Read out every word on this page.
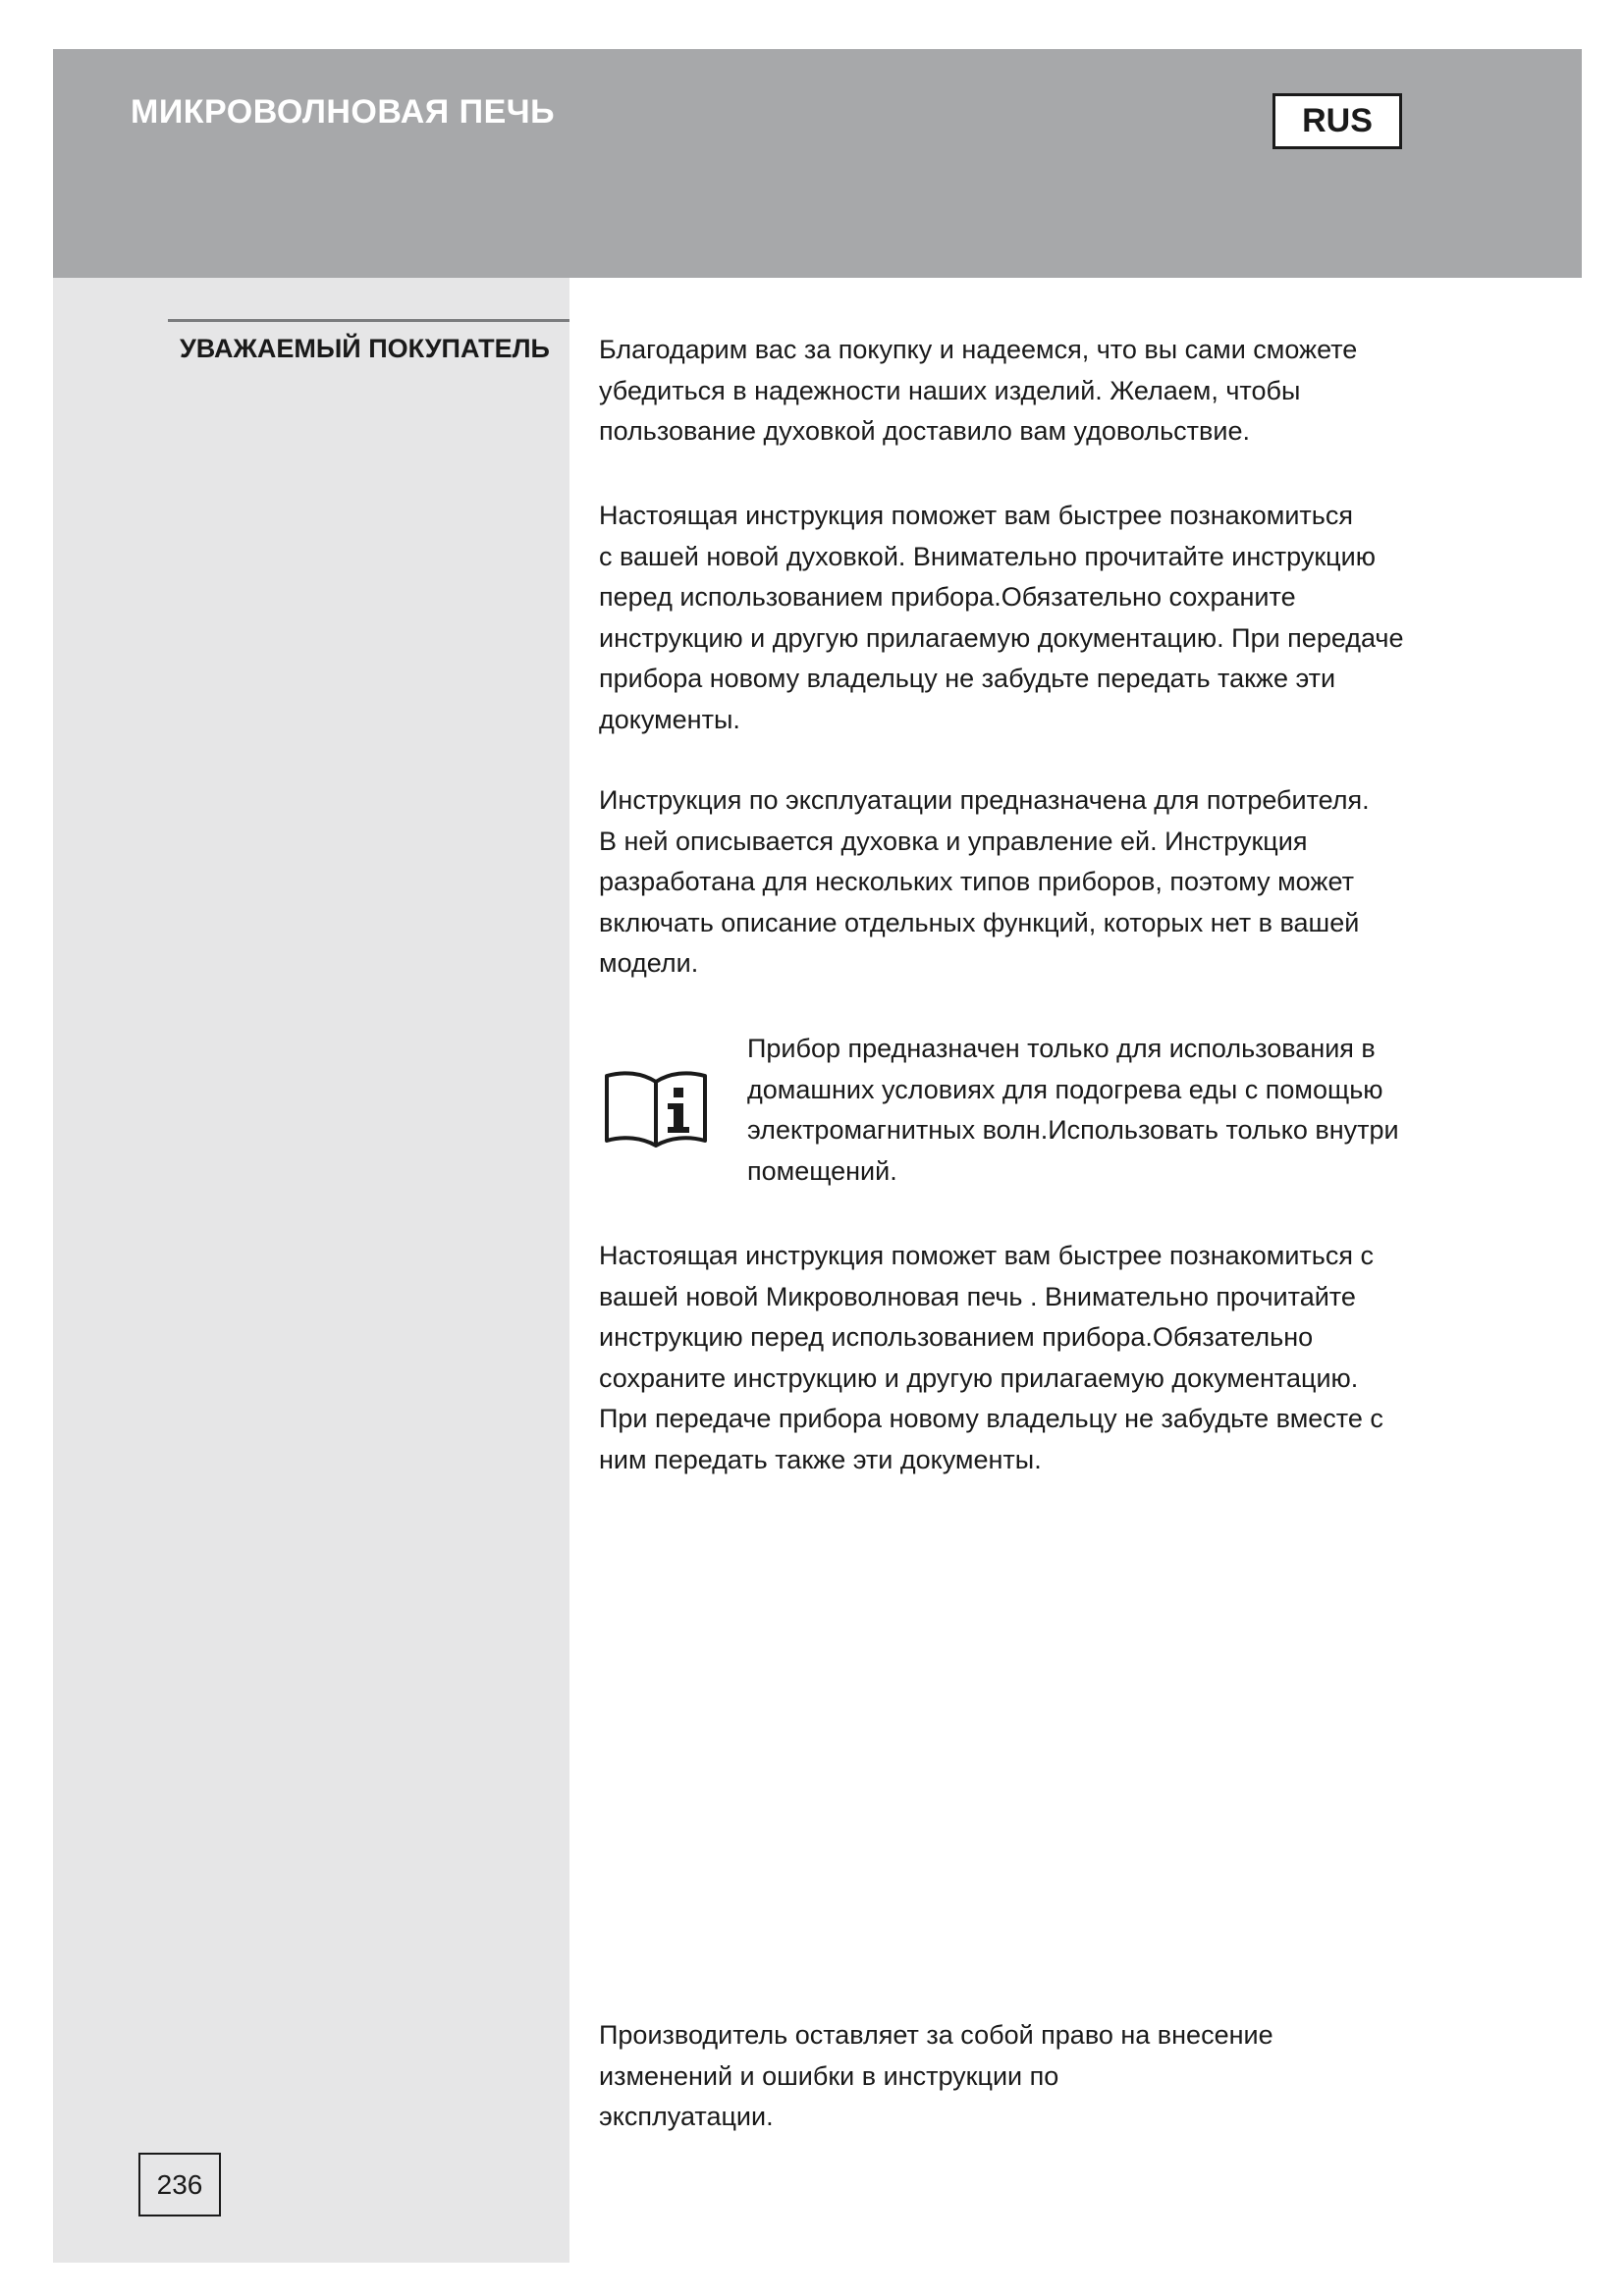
МИКРОВОЛНОВАЯ ПЕЧЬ	RUS
УВАЖАЕМЫЙ ПОКУПАТЕЛЬ Благодарим вас за покупку и надеемся, что вы сами сможете
убедиться в надежности наших изделий. Желаем, чтобы
пользование духовкой доставило вам удовольствие.

Настоящая инструкция поможет вам быстрее познакомиться
с вашей новой духовкой. Внимательно прочитайте инструкцию
перед использованием прибора.Обязательно сохраните
инструкцию и другую прилагаемую документацию. При передаче
прибора новому владельцу не забудьте передать также эти
документы.

Инструкция по эксплуатации предназначена для потребителя.
В ней описывается духовка и управление ей. Инструкция
разработана для нескольких типов приборов, поэтому может
включать описание отдельных функций, которых нет в вашей
модели.

Прибор предназначен только для использования в
домашних условиях для подогрева еды с помощью
электромагнитных волн.Использовать только внутри
помещений.

Настоящая инструкция поможет вам быстрее познакомиться с
вашей новой Микроволновая печь . Внимательно прочитайте
инструкцию перед использованием прибора.Обязательно
сохраните инструкцию и другую прилагаемую документацию.
При передаче прибора новому владельцу не забудьте вместе с
ним передать также эти документы.

Производитель оставляет за собой право на внесение
изменений и ошибки в инструкции по
эксплуатации.

236
